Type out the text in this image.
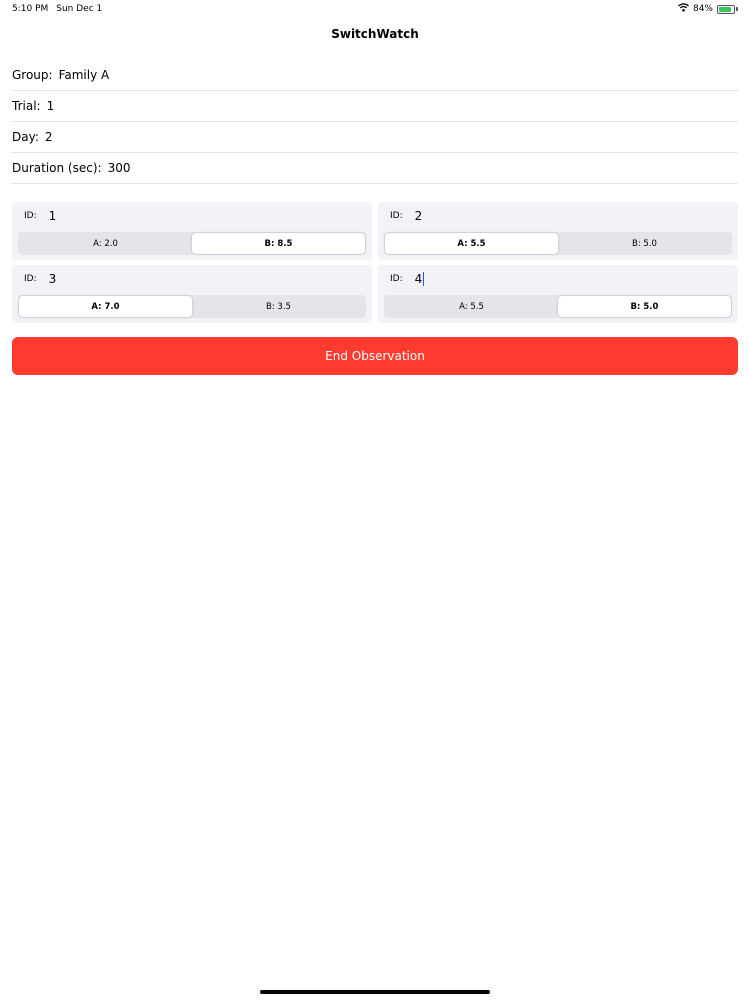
5:10 PM Sun Dec 1	84%
SwitchWatch
Group: Family A
Trial: 1
Day: 2
Duration (sec): 300
ID: 1
A: 2.0	B: 8.5
ID: 2
A: 5.5	B: 5.0
ID: 3
A: 7.0	B: 3.5
ID: 4
A: 5.5	B: 5.0
End Observation
